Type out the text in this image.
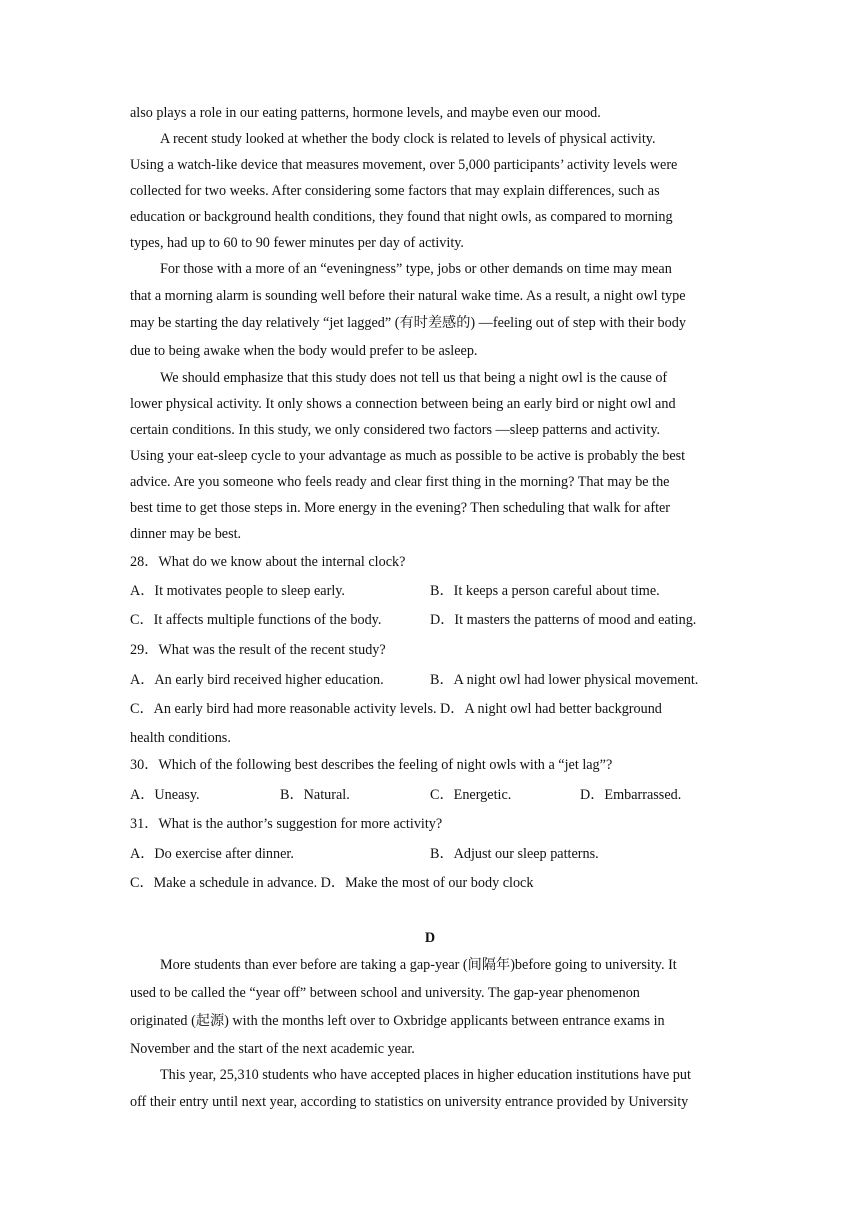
also plays a role in our eating patterns, hormone levels, and maybe even our mood.
A recent study looked at whether the body clock is related to levels of physical activity.
Using a watch-like device that measures movement, over 5,000 participants’ activity levels were
collected for two weeks. After considering some factors that may explain differences, such as
education or background health conditions, they found that night owls, as compared to morning
types, had up to 60 to 90 fewer minutes per day of activity.
For those with a more of an “eveningness” type, jobs or other demands on time may mean
that a morning alarm is sounding well before their natural wake time. As a result, a night owl type
may be starting the day relatively “jet lagged” (有时差感的) —feeling out of step with their body
due to being awake when the body would prefer to be asleep.
We should emphasize that this study does not tell us that being a night owl is the cause of
lower physical activity. It only shows a connection between being an early bird or night owl and
certain conditions. In this study, we only considered two factors —sleep patterns and activity.
Using your eat-sleep cycle to your advantage as much as possible to be active is probably the best
advice. Are you someone who feels ready and clear first thing in the morning? That may be the
best time to get those steps in. More energy in the evening? Then scheduling that walk for after
dinner may be best.
28．What do we know about the internal clock?
A．It motivates people to sleep early.	B．It keeps a person careful about time.
C．It affects multiple functions of the body.	D．It masters the patterns of mood and eating.
29．What was the result of the recent study?
A．An early bird received higher education.	B．A night owl had lower physical movement.
C．An early bird had more reasonable activity levels. D．A night owl had better background
health conditions.
30．Which of the following best describes the feeling of night owls with a “jet lag”?
A．Uneasy.	B．Natural.	C．Energetic.	D．Embarrassed.
31．What is the author’s suggestion for more activity?
A．Do exercise after dinner.	B．Adjust our sleep patterns.
C．Make a schedule in advance. D．Make the most of our body clock
D
More students than ever before are taking a gap-year (间隔年)before going to university. It
used to be called the “year off” between school and university. The gap-year phenomenon
originated (起源) with the months left over to Oxbridge applicants between entrance exams in
November and the start of the next academic year.
This year, 25,310 students who have accepted places in higher education institutions have put
off their entry until next year, according to statistics on university entrance provided by University
